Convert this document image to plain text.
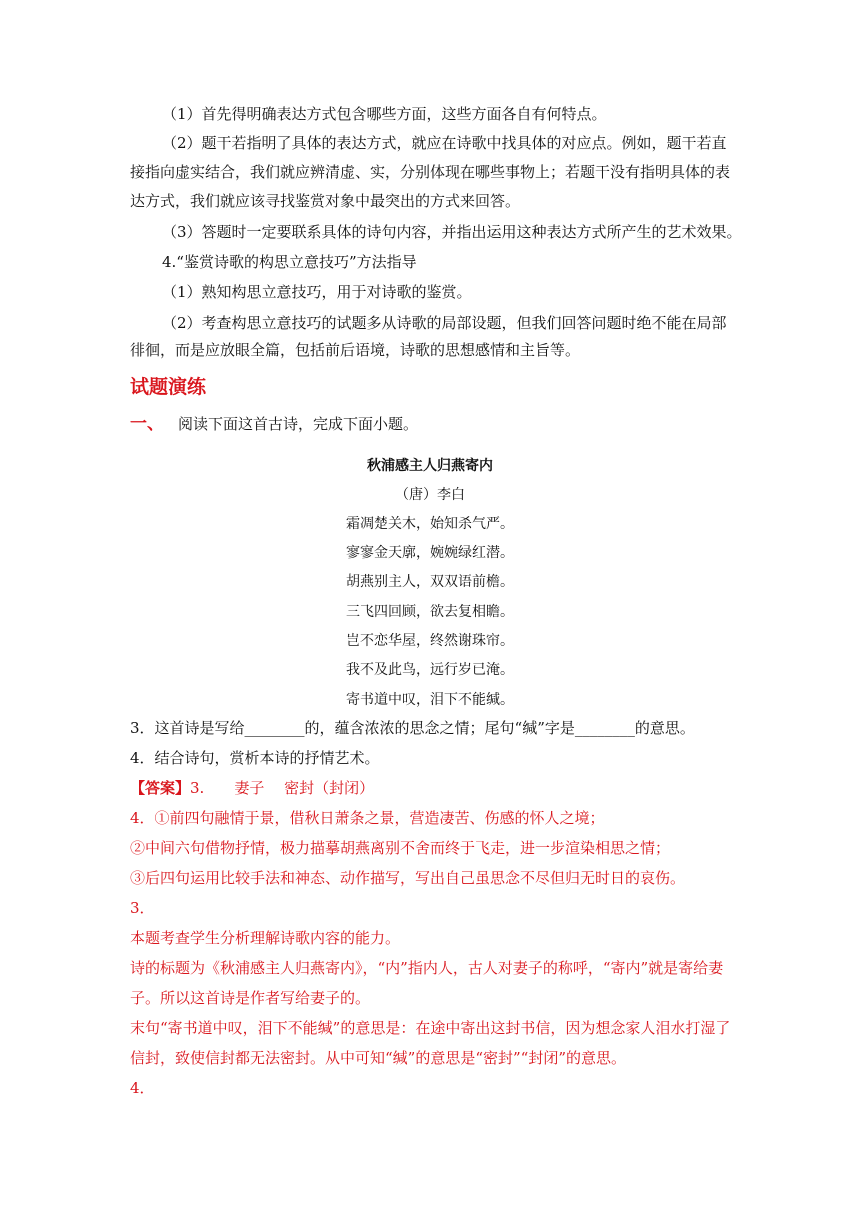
（1）首先得明确表达方式包含哪些方面，这些方面各自有何特点。
（2）题干若指明了具体的表达方式，就应在诗歌中找具体的对应点。例如，题干若直
接指向虚实结合，我们就应辨清虚、实，分别体现在哪些事物上；若题干没有指明具体的表
达方式，我们就应该寻找鉴赏对象中最突出的方式来回答。
（3）答题时一定要联系具体的诗句内容，并指出运用这种表达方式所产生的艺术效果。
4.“鉴赏诗歌的构思立意技巧”方法指导
（1）熟知构思立意技巧，用于对诗歌的鉴赏。
（2）考查构思立意技巧的试题多从诗歌的局部设题，但我们回答问题时绝不能在局部
徘徊，而是应放眼全篇，包括前后语境，诗歌的思想感情和主旨等。
试题演练
一、 阅读下面这首古诗，完成下面小题。
秋浦感主人归燕寄内
（唐）李白
霜凋楚关木，始知杀气严。
寥寥金天廓，婉婉绿红潜。
胡燕别主人，双双语前檐。
三飞四回顾，欲去复相瞻。
岂不恋华屋，终然谢珠帘。
我不及此鸟，远行岁已淹。
寄书道中叹，泪下不能缄。
3．这首诗是写给________的，蕴含浓浓的思念之情；尾句“缄”字是________的意思。
4．结合诗句，赏析本诗的抒情艺术。
【答案】3.　　妻子　 密封（封闭）
4．①前四句融情于景，借秋日萧条之景，营造凄苦、伤感的怀人之境；
②中间六句借物抒情，极力描摹胡燕离别不舍而终于飞走，进一步渲染相思之情；
③后四句运用比较手法和神态、动作描写，写出自己虽思念不尽但归无时日的哀伤。
3．
本题考查学生分析理解诗歌内容的能力。
诗的标题为《秋浦感主人归燕寄内》，“内”指内人，古人对妻子的称呼，“寄内”就是寄给妻
子。所以这首诗是作者写给妻子的。
末句“寄书道中叹，泪下不能缄”的意思是：在途中寄出这封书信，因为想念家人泪水打湿了
信封，致使信封都无法密封。从中可知“缄”的意思是“密封”“封闭”的意思。
4．
